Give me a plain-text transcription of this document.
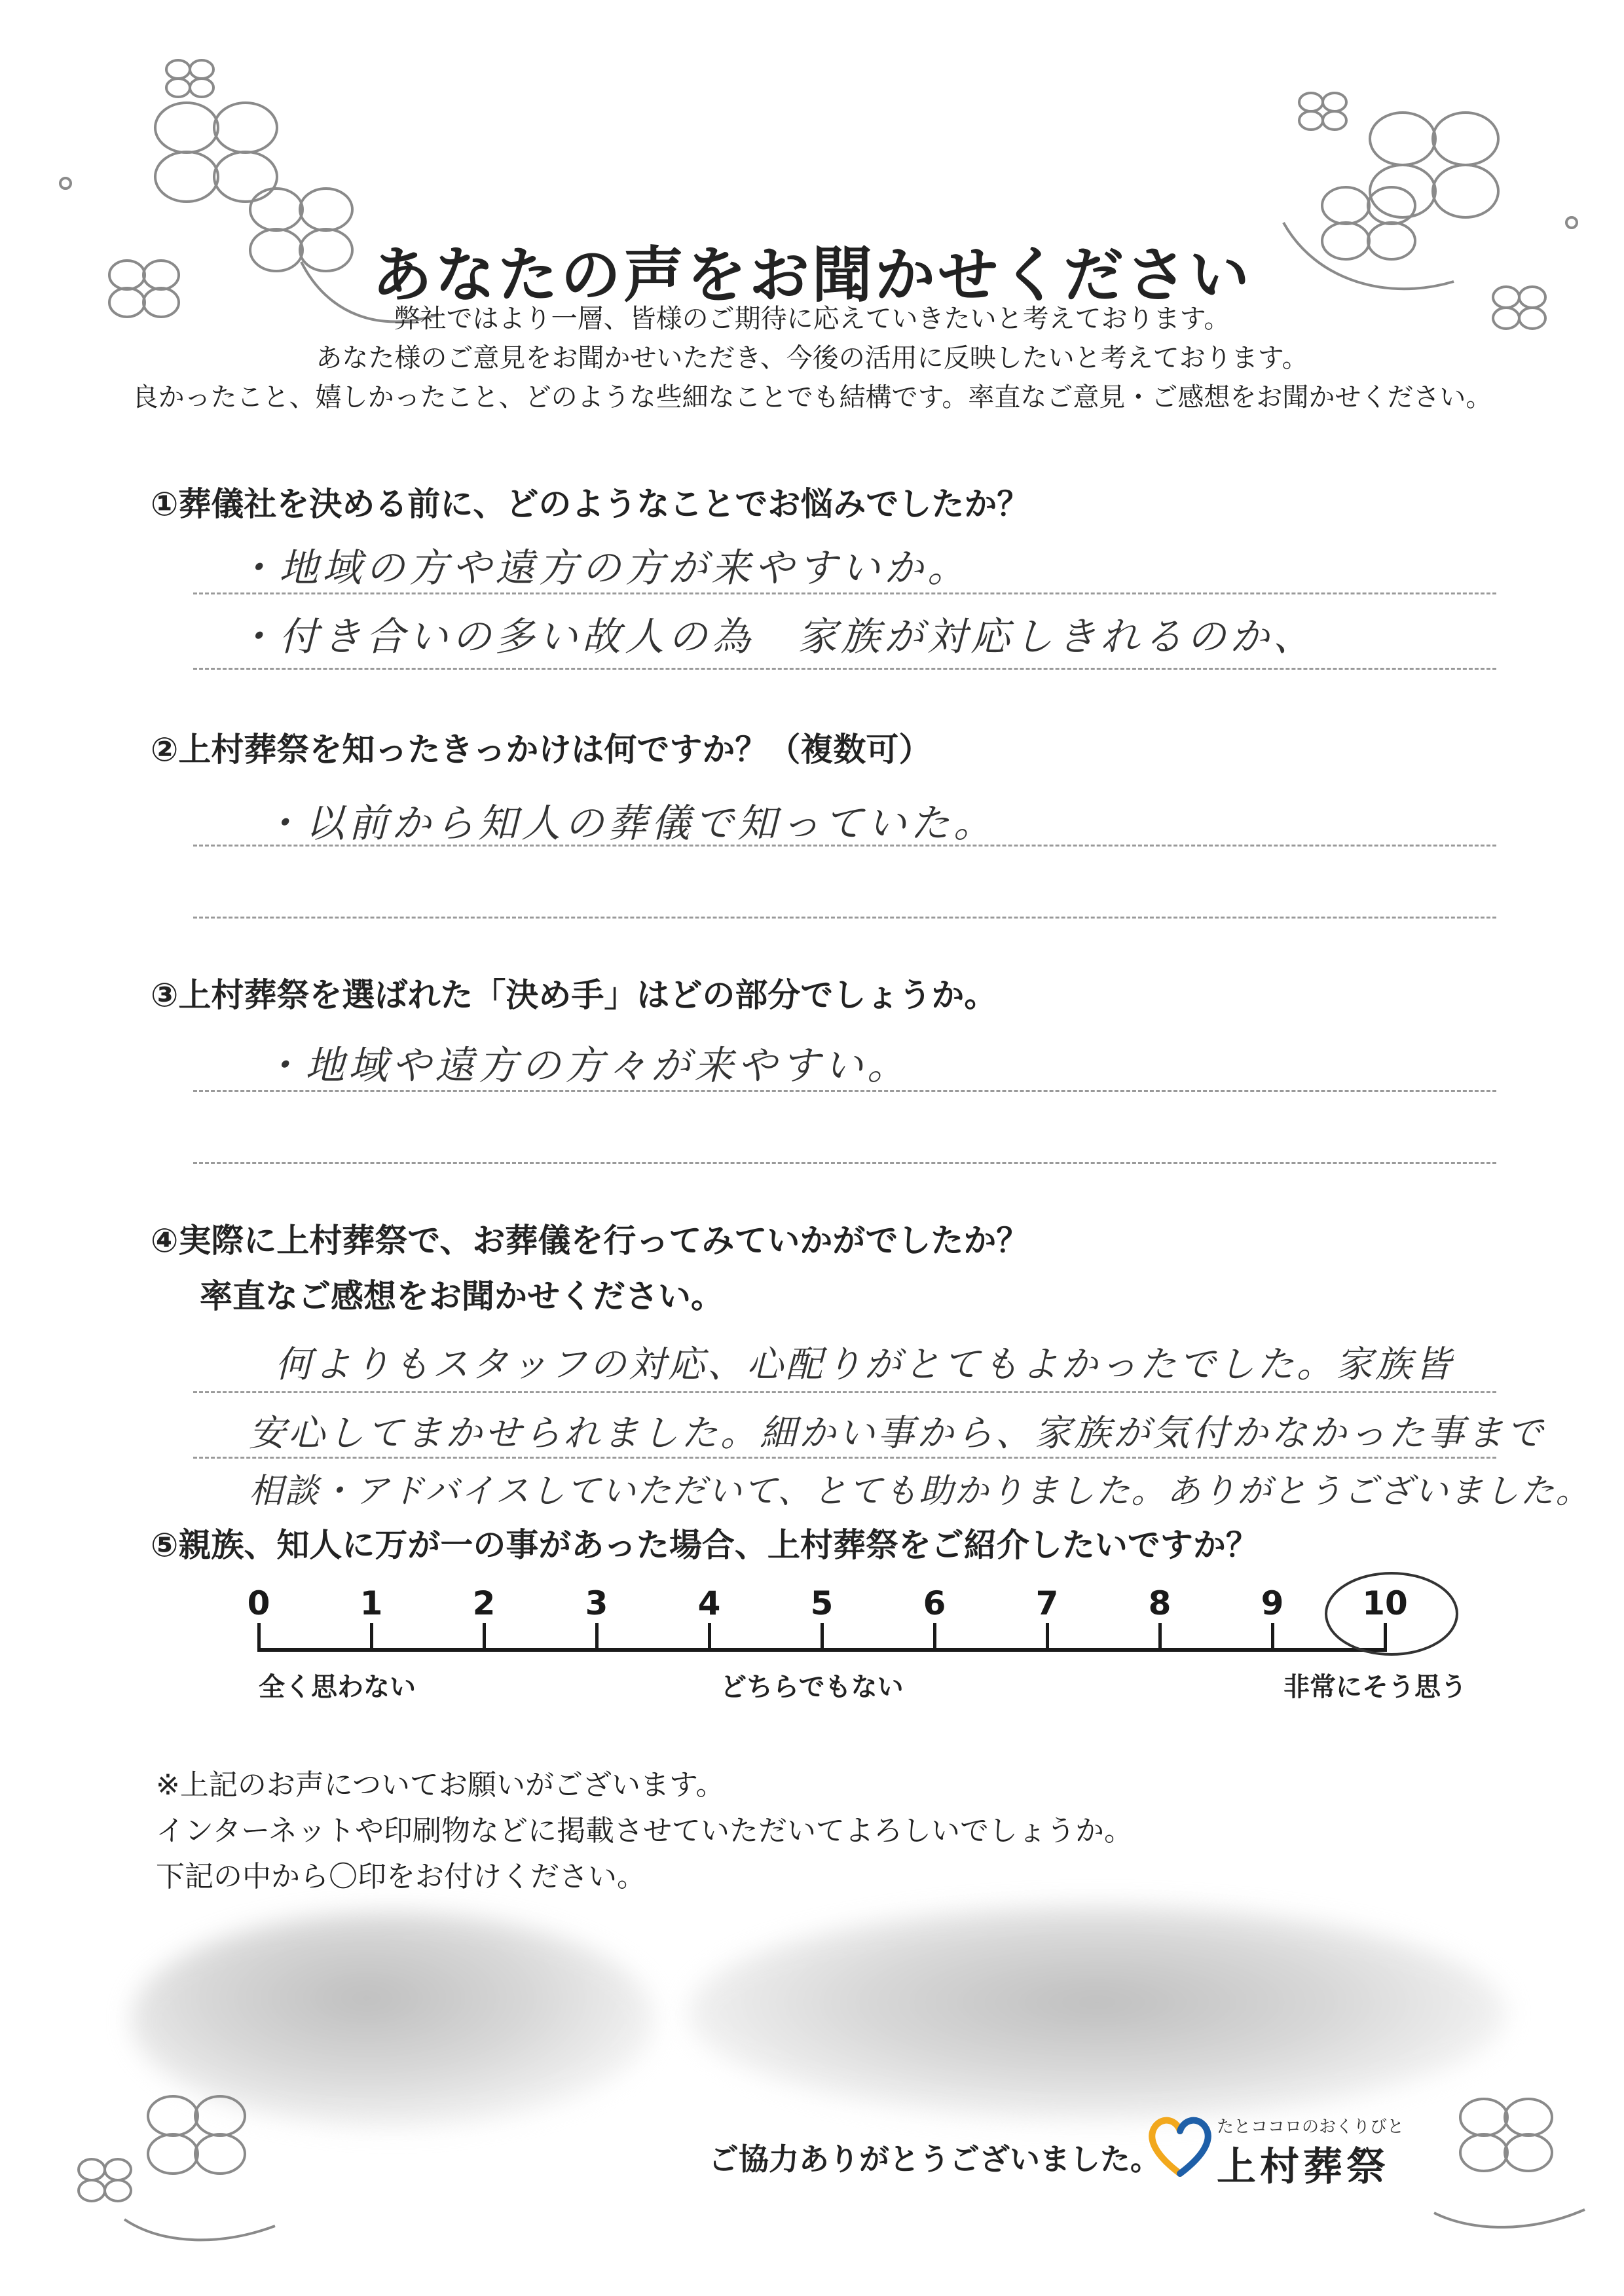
あなたの声をお聞かせください
弊社ではより一層、皆様のご期待に応えていきたいと考えております。
あなた様のご意見をお聞かせいただき、今後の活用に反映したいと考えております。
良かったこと、嬉しかったこと、どのような些細なことでも結構です。率直なご意見・ご感想をお聞かせください。
①葬儀社を決める前に、どのようなことでお悩みでしたか？
・地域の方や遠方の方が来やすいか。
・付き合いの多い故人の為　家族が対応しきれるのか、
②上村葬祭を知ったきっかけは何ですか？（複数可）
・以前から知人の葬儀で知っていた。
③上村葬祭を選ばれた「決め手」はどの部分でしょうか。
・地域や遠方の方々が来やすい。
④実際に上村葬祭で、お葬儀を行ってみていかがでしたか？
率直なご感想をお聞かせください。
何よりもスタッフの対応、心配りがとてもよかったでした。家族皆
安心してまかせられました。細かい事から、家族が気付かなかった事まで
相談・アドバイスしていただいて、とても助かりました。ありがとうございました。
⑤親族、知人に万が一の事があった場合、上村葬祭をご紹介したいですか？
0	1	2	3	4	5	6	7	8	9	10
全く思わない	どちらでもない	非常にそう思う
※上記のお声についてお願いがございます。
インターネットや印刷物などに掲載させていただいてよろしいでしょうか。
下記の中から〇印をお付けください。
ご協力ありがとうございました。
たとココロのおくりびと
上村葬祭
